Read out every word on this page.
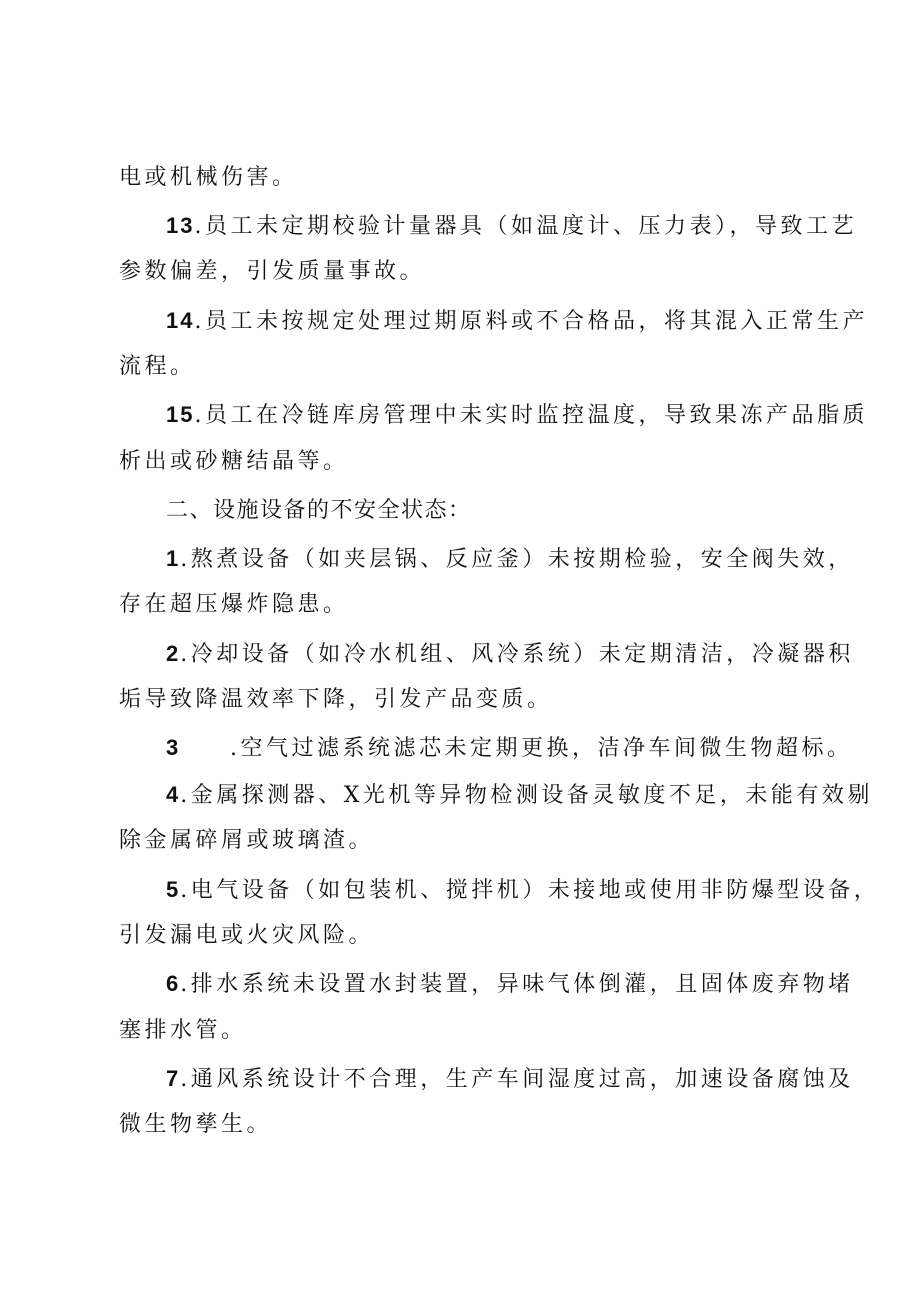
电或机械伤害。
13.员工未定期校验计量器具（如温度计、压力表），导致工艺
参数偏差，引发质量事故。
14.员工未按规定处理过期原料或不合格品，将其混入正常生产
流程。
15.员工在冷链库房管理中未实时监控温度，导致果冻产品脂质
析出或砂糖结晶等。
二、设施设备的不安全状态：
1.熬煮设备（如夹层锅、反应釜）未按期检验，安全阀失效，
存在超压爆炸隐患。
2.冷却设备（如冷水机组、风冷系统）未定期清洁，冷凝器积
垢导致降温效率下降，引发产品变质。
3 .空气过滤系统滤芯未定期更换，洁净车间微生物超标。
4.金属探测器、X光机等异物检测设备灵敏度不足，未能有效剔
除金属碎屑或玻璃渣。
5.电气设备（如包装机、搅拌机）未接地或使用非防爆型设备，
引发漏电或火灾风险。
6.排水系统未设置水封装置，异味气体倒灌，且固体废弃物堵
塞排水管。
7.通风系统设计不合理，生产车间湿度过高，加速设备腐蚀及
微生物孳生。
